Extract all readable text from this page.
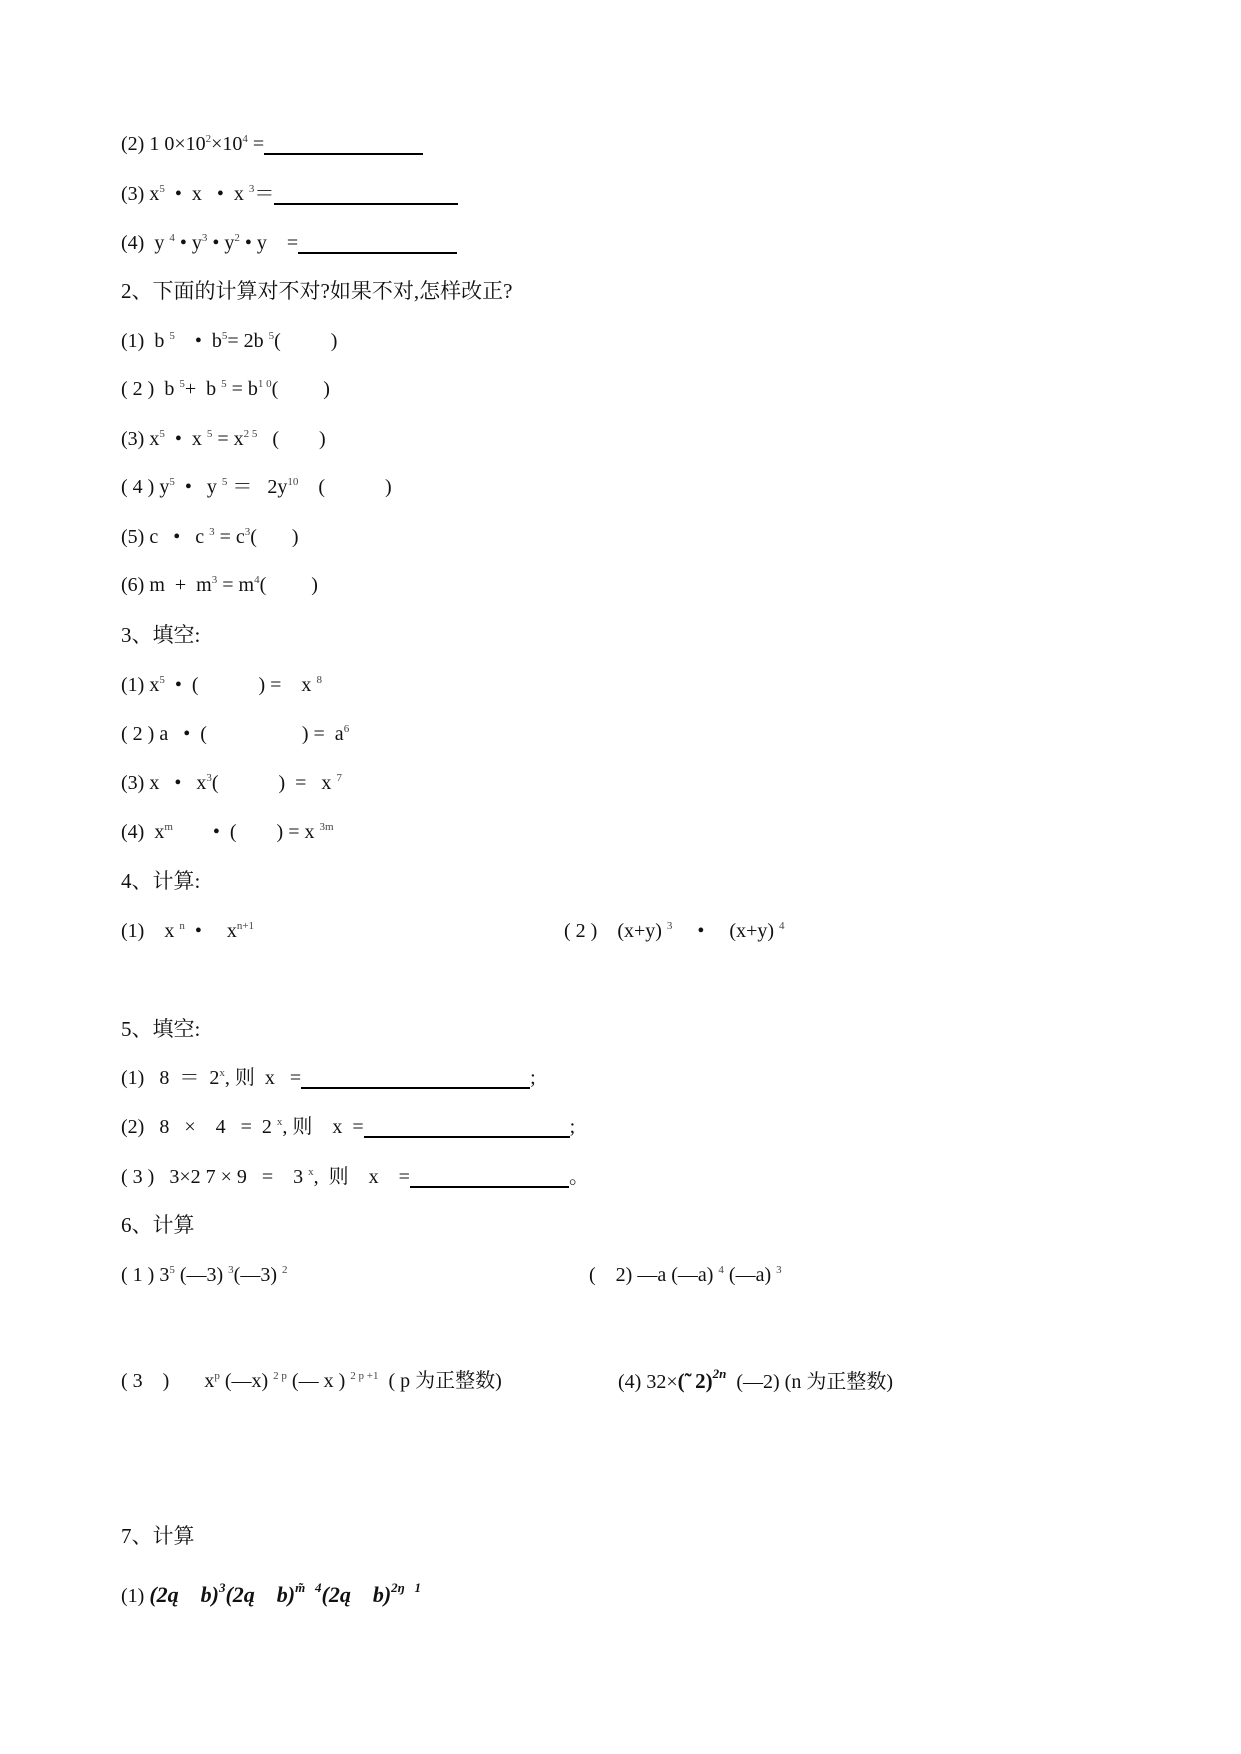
(2) 1 $0\times 10^2\times 10^4$ =
(3) $x^5$  •  x   •  x $^3$＝
(4)  y $^4$ • $y^3$ • $y^2$ • y    =
2、下面的计算对不对?如果不对,怎样改正?
(1)  b $^5$    •  $b^5= 2b$ $^5$(          )
( 2 )  b $^5$+  b $^5 = b^{1 0}$(         )
(3) $x^5$  •  x $^5 = x^{2 5}$   (        )
( 4 ) $y^5$  •   y $^5 = 2y^{10}$    (            )
(5) c   •   c $^3 = c^3$(       )
(6) $m + m^3 = m^4$(         )
3、填空:
(1) $x^5$  •  (            ) =    x $^8$
( 2 ) a   •  (                   ) =  $a^6$
(3) x   •   $x^3$(            )  =   x $^7$
(4)  $x^m$        •  (        ) = x $^{3m}$
4、计算:
(1)    x $^n$  •     $x^{n+1}$	( 2 )    (x+y) $^3$     •     (x+y) $^4$
5、填空:
(1)   8  ＝  2$^x$, 则  x   =	;
(2)   8   ×    4   =  2 $^x$, 则    x  =	;
( 3 )   3×2 7 × 9   =    3 $^x$,  则    x    =	。
6、计算
( 1 ) $3^5$ (—3) $^3$(—3) $^2$	(    2) —a (—a) $^4$ (—a) $^3$
( 3    )       $x^p$ (—x) $^{2 p}$ (— x ) $^{2 p +1}$  ( p 为正整数)	(4) 32×(̃  2)$^{2n}$  (—2) (n 为正整数)
7、计算
(1) (2ą    b)$^3$(2ą    b)$^{m̃ 4}$(2ą    b)$^{2ŋ 1}$
